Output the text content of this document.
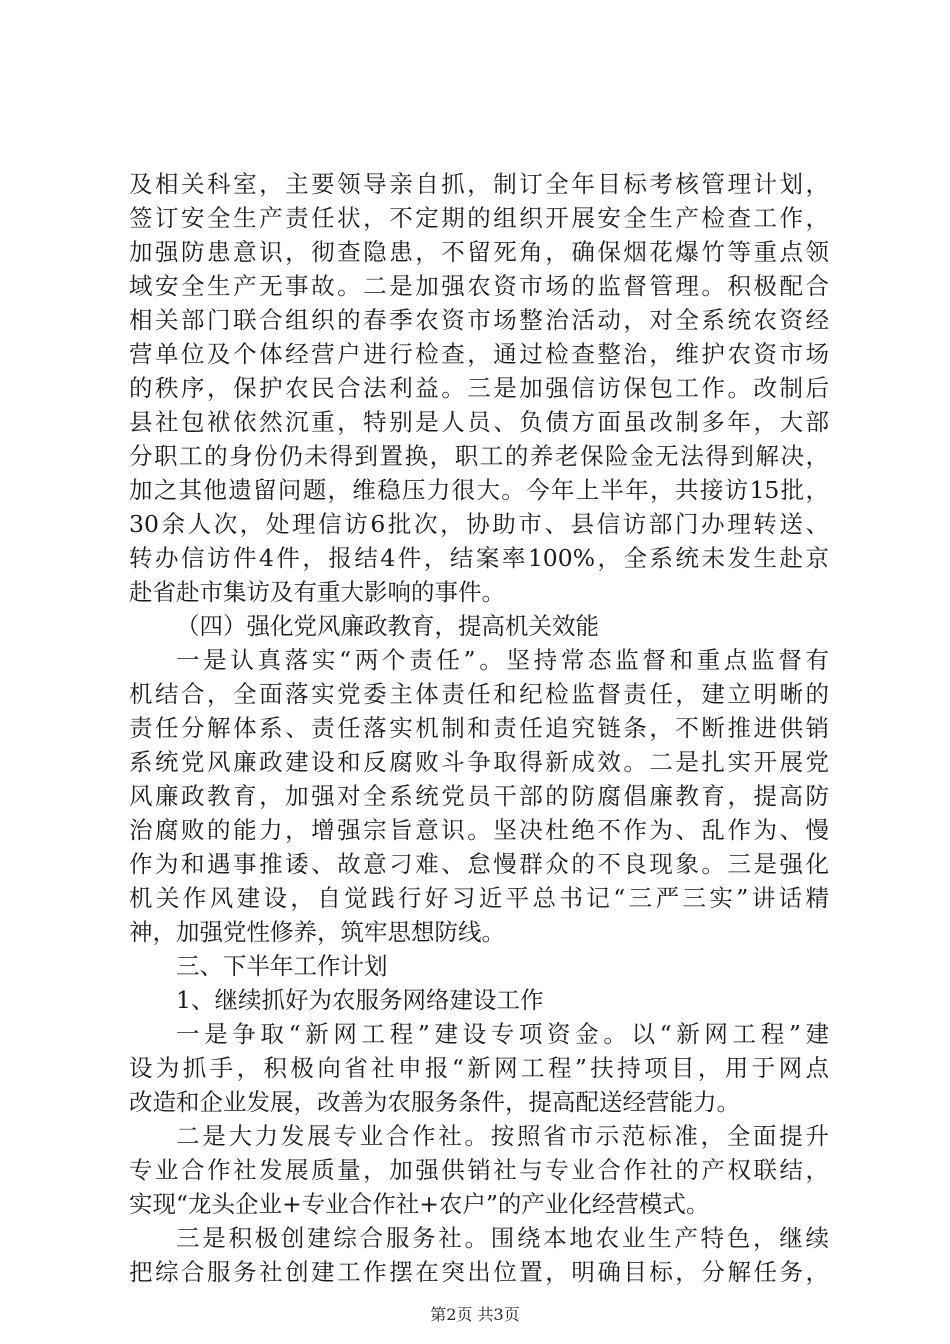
及相关科室，主要领导亲自抓，制订全年目标考核管理计划，
签订安全生产责任状，不定期的组织开展安全生产检查工作，
加强防患意识，彻查隐患，不留死角，确保烟花爆竹等重点领
域安全生产无事故。二是加强农资市场的监督管理。积极配合
相关部门联合组织的春季农资市场整治活动，对全系统农资经
营单位及个体经营户进行检查，通过检查整治，维护农资市场
的秩序，保护农民合法利益。三是加强信访保包工作。改制后
县社包袱依然沉重，特别是人员、负债方面虽改制多年，大部
分职工的身份仍未得到置换，职工的养老保险金无法得到解决，
加之其他遗留问题，维稳压力很大。今年上半年，共接访15批，
30余人次，处理信访6批次，协助市、县信访部门办理转送、
转办信访件4件，报结4件，结案率100%，全系统未发生赴京
赴省赴市集访及有重大影响的事件。
（四）强化党风廉政教育，提高机关效能
一是认真落实“两个责任”。坚持常态监督和重点监督有
机结合，全面落实党委主体责任和纪检监督责任，建立明晰的
责任分解体系、责任落实机制和责任追究链条，不断推进供销
系统党风廉政建设和反腐败斗争取得新成效。二是扎实开展党
风廉政教育，加强对全系统党员干部的防腐倡廉教育，提高防
治腐败的能力，增强宗旨意识。坚决杜绝不作为、乱作为、慢
作为和遇事推诿、故意刁难、怠慢群众的不良现象。三是强化
机关作风建设，自觉践行好习近平总书记“三严三实”讲话精
神，加强党性修养，筑牢思想防线。
三、下半年工作计划
1、继续抓好为农服务网络建设工作
一是争取“新网工程”建设专项资金。以“新网工程”建
设为抓手，积极向省社申报“新网工程”扶持项目，用于网点
改造和企业发展，改善为农服务条件，提高配送经营能力。
二是大力发展专业合作社。按照省市示范标准，全面提升
专业合作社发展质量，加强供销社与专业合作社的产权联结，
实现“龙头企业+专业合作社+农户”的产业化经营模式。
三是积极创建综合服务社。围绕本地农业生产特色，继续
把综合服务社创建工作摆在突出位置，明确目标，分解任务，
第2页 共3页
